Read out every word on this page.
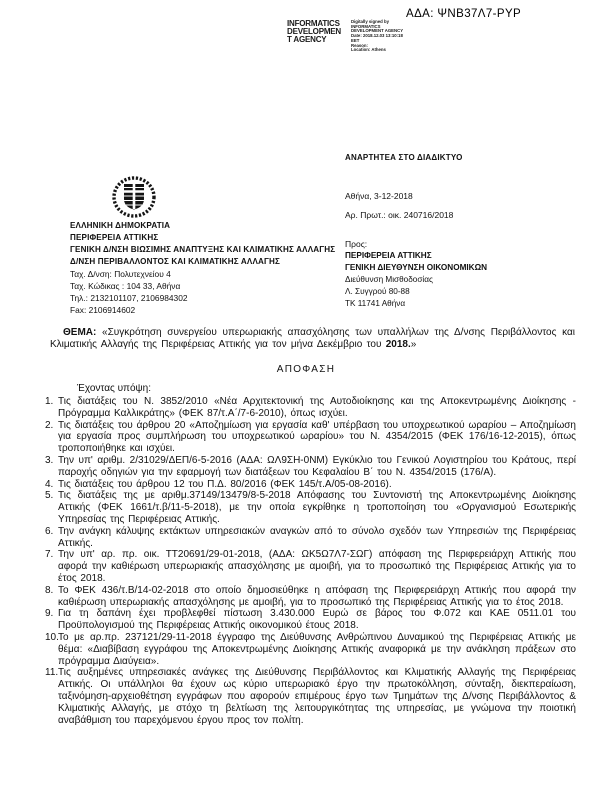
ΑΔΑ: ΨΝΒ37Λ7-ΡΥΡ
INFORMATICS
DEVELOPMEN
T AGENCY
Digitally signed by
INFORMATICS
DEVELOPMENT AGENCY
Date: 2018.12.03 13:10:18
EET
Reason:
Location: Athens
ΕΛΛΗΝΙΚΗ ΔΗΜΟΚΡΑΤΙΑ
ΠΕΡΙΦΕΡΕΙΑ ΑΤΤΙΚΗΣ
ΓΕΝΙΚΗ Δ/ΝΣΗ ΒΙΩΣΙΜΗΣ ΑΝΑΠΤΥΞΗΣ ΚΑΙ ΚΛΙΜΑΤΙΚΗΣ ΑΛΛΑΓΗΣ
Δ/ΝΣΗ ΠΕΡΙΒΑΛΛΟΝΤΟΣ ΚΑΙ ΚΛΙΜΑΤΙΚΗΣ ΑΛΛΑΓΗΣ
Ταχ. Δ/νση: Πολυτεχνείου 4
Ταχ. Κώδικας : 104 33, Αθήνα
Τηλ.: 2132101107, 2106984302
Fax: 2106914602
ΑΝΑΡΤΗΤΕΑ ΣΤΟ ΔΙΑΔΙΚΤΥΟ
Αθήνα, 3-12-2018
Αρ. Πρωτ.: οικ. 240716/2018
Προς:
ΠΕΡΙΦΕΡΕΙΑ ΑΤΤΙΚΗΣ
ΓΕΝΙΚΗ ΔΙΕΥΘΥΝΣΗ ΟΙΚΟΝΟΜΙΚΩΝ
Διεύθυνση Μισθοδοσίας
Λ. Συγγρού 80-88
ΤΚ 11741 Αθήνα
ΘΕΜΑ: «Συγκρότηση συνεργείου υπερωριακής απασχόλησης των υπαλλήλων της Δ/νσης Περιβάλλοντος και Κλιματικής Αλλαγής της Περιφέρειας Αττικής για τον μήνα Δεκέμβριο του 2018.»
ΑΠΟΦΑΣΗ
Έχοντας υπόψη:
1. Τις διατάξεις του Ν. 3852/2010 «Νέα Αρχιτεκτονική της Αυτοδιοίκησης και της Αποκεντρωμένης Διοίκησης - Πρόγραμμα Καλλικράτης» (ΦΕΚ 87/τ.Α΄/7-6-2010), όπως ισχύει.
2. Τις διατάξεις του άρθρου 20 «Αποζημίωση για εργασία καθ' υπέρβαση του υποχρεωτικού ωραρίου – Αποζημίωση για εργασία προς συμπλήρωση του υποχρεωτικού ωραρίου» του Ν. 4354/2015 (ΦΕΚ 176/16-12-2015), όπως τροποποιήθηκε και ισχύει.
3. Την υπ' αριθμ. 2/31029/ΔΕΠ/6-5-2016 (ΑΔΑ: ΩΛ9ΣΗ-0ΝΜ) Εγκύκλιο του Γενικού Λογιστηρίου του Κράτους, περί παροχής οδηγιών για την εφαρμογή των διατάξεων του Κεφαλαίου Β΄ του Ν. 4354/2015 (176/Α).
4. Τις διατάξεις του άρθρου 12 του Π.Δ. 80/2016 (ΦΕΚ 145/τ.Α/05-08-2016).
5. Τις διατάξεις της με αριθμ.37149/13479/8-5-2018 Απόφασης του Συντονιστή της Αποκεντρωμένης Διοίκησης Αττικής (ΦΕΚ 1661/τ.β/11-5-2018), με την οποία εγκρίθηκε η τροποποίηση του «Οργανισμού Εσωτερικής Υπηρεσίας της Περιφέρειας Αττικής.
6. Την ανάγκη κάλυψης εκτάκτων υπηρεσιακών αναγκών από το σύνολο σχεδόν των Υπηρεσιών της Περιφέρειας Αττικής.
7. Την υπ' αρ. πρ. οικ. ΤΤ20691/29-01-2018, (ΑΔΑ: ΩΚ5Ω7Λ7-ΣΩΓ) απόφαση της Περιφερειάρχη Αττικής που αφορά την καθιέρωση υπερωριακής απασχόλησης με αμοιβή, για το προσωπικό της Περιφέρειας Αττικής για το έτος 2018.
8. Το ΦΕΚ 436/τ.Β/14-02-2018 στο οποίο δημοσιεύθηκε η απόφαση της Περιφερειάρχη Αττικής που αφορά την καθιέρωση υπερωριακής απασχόλησης με αμοιβή, για το προσωπικό της Περιφέρειας Αττικής για το έτος 2018.
9. Για τη δαπάνη έχει προβλεφθεί πίστωση 3.430.000 Ευρώ σε βάρος του Φ.072 και ΚΑΕ 0511.01 του Προϋπολογισμού της Περιφέρειας Αττικής οικονομικού έτους 2018.
10. Το με αρ.πρ. 237121/29-11-2018 έγγραφο της Διεύθυνσης Ανθρώπινου Δυναμικού της Περιφέρειας Αττικής με θέμα: «Διαβίβαση εγγράφου της Αποκεντρωμένης Διοίκησης Αττικής αναφορικά με την ανάκληση πράξεων στο πρόγραμμα Διαύγεια».
11. Τις αυξημένες υπηρεσιακές ανάγκες της Διεύθυνσης Περιβάλλοντος και Κλιματικής Αλλαγής της Περιφέρειας Αττικής. Οι υπάλληλοι θα έχουν ως κύριο υπερωριακό έργο την πρωτοκόλληση, σύνταξη, διεκπεραίωση, ταξινόμηση-αρχειοθέτηση εγγράφων που αφορούν επιμέρους έργο των Τμημάτων της Δ/νσης Περιβάλλοντος & Κλιματικής Αλλαγής, με στόχο τη βελτίωση της λειτουργικότητας της υπηρεσίας, με γνώμονα την ποιοτική αναβάθμιση του παρεχόμενου έργου προς τον πολίτη.
